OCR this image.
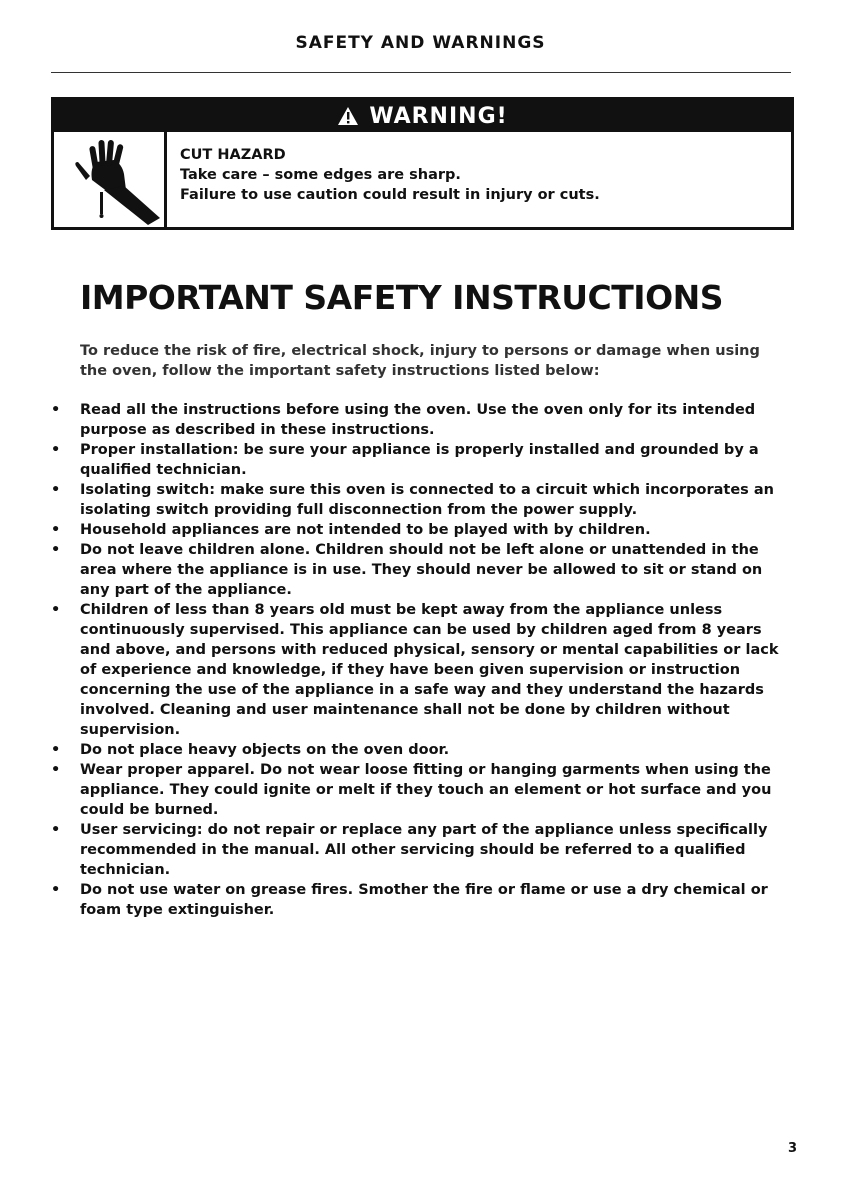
SAFETY AND WARNINGS
WARNING!
CUT HAZARD
Take care – some edges are sharp.
Failure to use caution could result in injury or cuts.
IMPORTANT SAFETY INSTRUCTIONS
To reduce the risk of fire, electrical shock, injury to persons or damage when using the oven, follow the important safety instructions listed below:
• Read all the instructions before using the oven. Use the oven only for its intended purpose as described in these instructions.
• Proper installation: be sure your appliance is properly installed and grounded by a qualified technician.
• Isolating switch: make sure this oven is connected to a circuit which incorporates an isolating switch providing full disconnection from the power supply.
• Household appliances are not intended to be played with by children.
• Do not leave children alone. Children should not be left alone or unattended in the area where the appliance is in use. They should never be allowed to sit or stand on any part of the appliance.
• Children of less than 8 years old must be kept away from the appliance unless continuously supervised. This appliance can be used by children aged from 8 years and above, and persons with reduced physical, sensory or mental capabilities or lack of experience and knowledge, if they have been given supervision or instruction concerning the use of the appliance in a safe way and they understand the hazards involved. Cleaning and user maintenance shall not be done by children without supervision.
• Do not place heavy objects on the oven door.
• Wear proper apparel. Do not wear loose fitting or hanging garments when using the appliance. They could ignite or melt if they touch an element or hot surface and you could be burned.
• User servicing: do not repair or replace any part of the appliance unless specifically recommended in the manual. All other servicing should be referred to a qualified technician.
• Do not use water on grease fires. Smother the fire or flame or use a dry chemical or foam type extinguisher.
3
